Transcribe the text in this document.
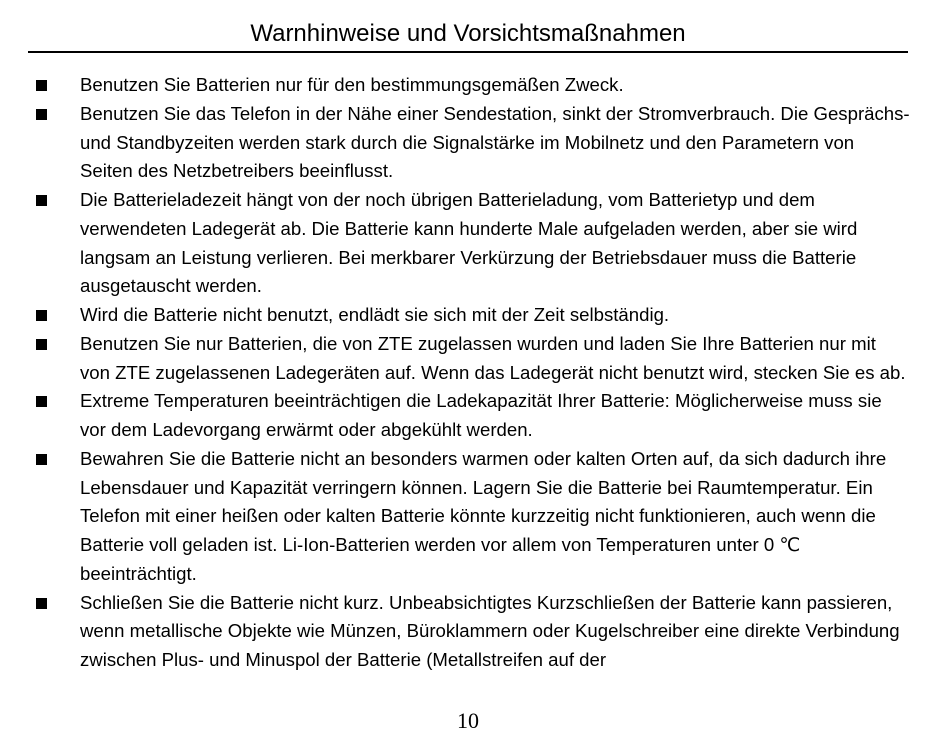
Warnhinweise und Vorsichtsmaßnahmen
Benutzen Sie Batterien nur für den bestimmungsgemäßen Zweck.
Benutzen Sie das Telefon in der Nähe einer Sendestation, sinkt der Stromverbrauch. Die Gesprächs- und Standbyzeiten werden stark durch die Signalstärke im Mobilnetz und den Parametern von Seiten des Netzbetreibers beeinflusst.
Die Batterieladezeit hängt von der noch übrigen Batterieladung, vom Batterietyp und dem verwendeten Ladegerät ab. Die Batterie kann hunderte Male aufgeladen werden, aber sie wird langsam an Leistung verlieren. Bei merkbarer Verkürzung der Betriebsdauer muss die Batterie ausgetauscht werden.
Wird die Batterie nicht benutzt, endlädt sie sich mit der Zeit selbständig.
Benutzen Sie nur Batterien, die von ZTE zugelassen wurden und laden Sie Ihre Batterien nur mit von ZTE zugelassenen Ladegeräten auf. Wenn das Ladegerät nicht benutzt wird, stecken Sie es ab.
Extreme Temperaturen beeinträchtigen die Ladekapazität Ihrer Batterie: Möglicherweise muss sie vor dem Ladevorgang erwärmt oder abgekühlt werden.
Bewahren Sie die Batterie nicht an besonders warmen oder kalten Orten auf, da sich dadurch ihre Lebensdauer und Kapazität verringern können. Lagern Sie die Batterie bei Raumtemperatur. Ein Telefon mit einer heißen oder kalten Batterie könnte kurzzeitig nicht funktionieren, auch wenn die Batterie voll geladen ist. Li-Ion-Batterien werden vor allem von Temperaturen unter 0 ℃ beeinträchtigt.
Schließen Sie die Batterie nicht kurz. Unbeabsichtigtes Kurzschließen der Batterie kann passieren, wenn metallische Objekte wie Münzen, Büroklammern oder Kugelschreiber eine direkte Verbindung zwischen Plus- und Minuspol der Batterie (Metallstreifen auf der
10
